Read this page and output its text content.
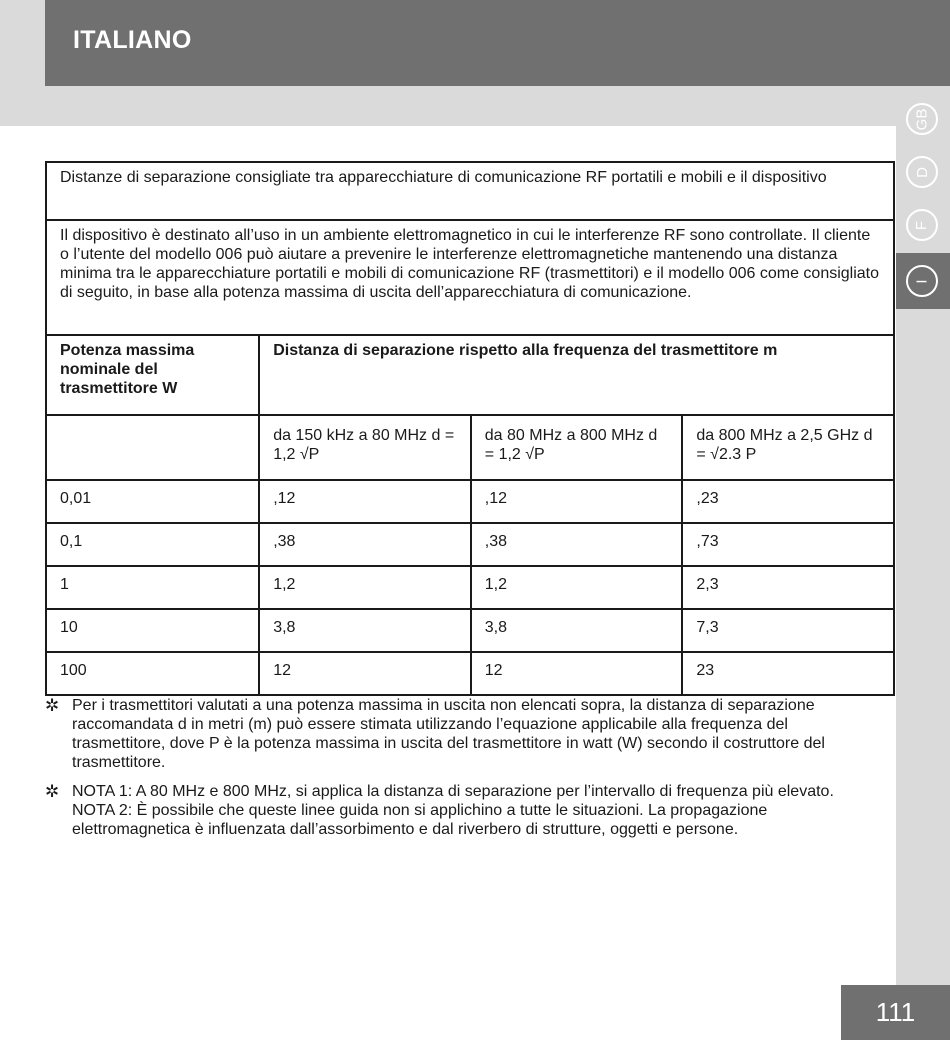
ITALIANO
GB
D
F
I
Distanze di separazione consigliate tra apparecchiature di comunicazione RF portatili e mobili e il dispositivo			
Il dispositivo è destinato all’uso in un ambiente elettromagnetico in cui le interferenze RF sono controllate. Il cliente o l’utente del modello 006 può aiutare a prevenire le interferenze elettromagnetiche mantenendo una distanza minima tra le apparecchiature portatili e mobili di comunicazione RF (trasmettitori) e il modello 006 come consigliato di seguito, in base alla potenza massima di uscita dell’apparecchiatura di comunicazione.			
Potenza massima nominale del trasmettitore W	Distanza di separazione rispetto alla frequenza del trasmettitore m		
	da 150 kHz a 80 MHz d = 1,2 √P	da 80 MHz a 800 MHz d = 1,2 √P	da 800 MHz a 2,5 GHz d = √2.3 P
0,01	,12	,12	,23
0,1	,38	,38	,73
1	1,2	1,2	2,3
10	3,8	3,8	7,3
100	12	12	23
✲ Per i trasmettitori valutati a una potenza massima in uscita non elencati sopra, la distanza di separazione raccomandata d in metri (m) può essere stimata utilizzando l’equazione applicabile alla frequenza del trasmettitore, dove P è la potenza massima in uscita del trasmettitore in watt (W) secondo il costruttore del trasmettitore.
✲ NOTA 1: A 80 MHz e 800 MHz, si applica la distanza di separazione per l’intervallo di frequenza più elevato.
NOTA 2: È possibile che queste linee guida non si applichino a tutte le situazioni. La propagazione elettromagnetica è influenzata dall’assorbimento e dal riverbero di strutture, oggetti e persone.
111
